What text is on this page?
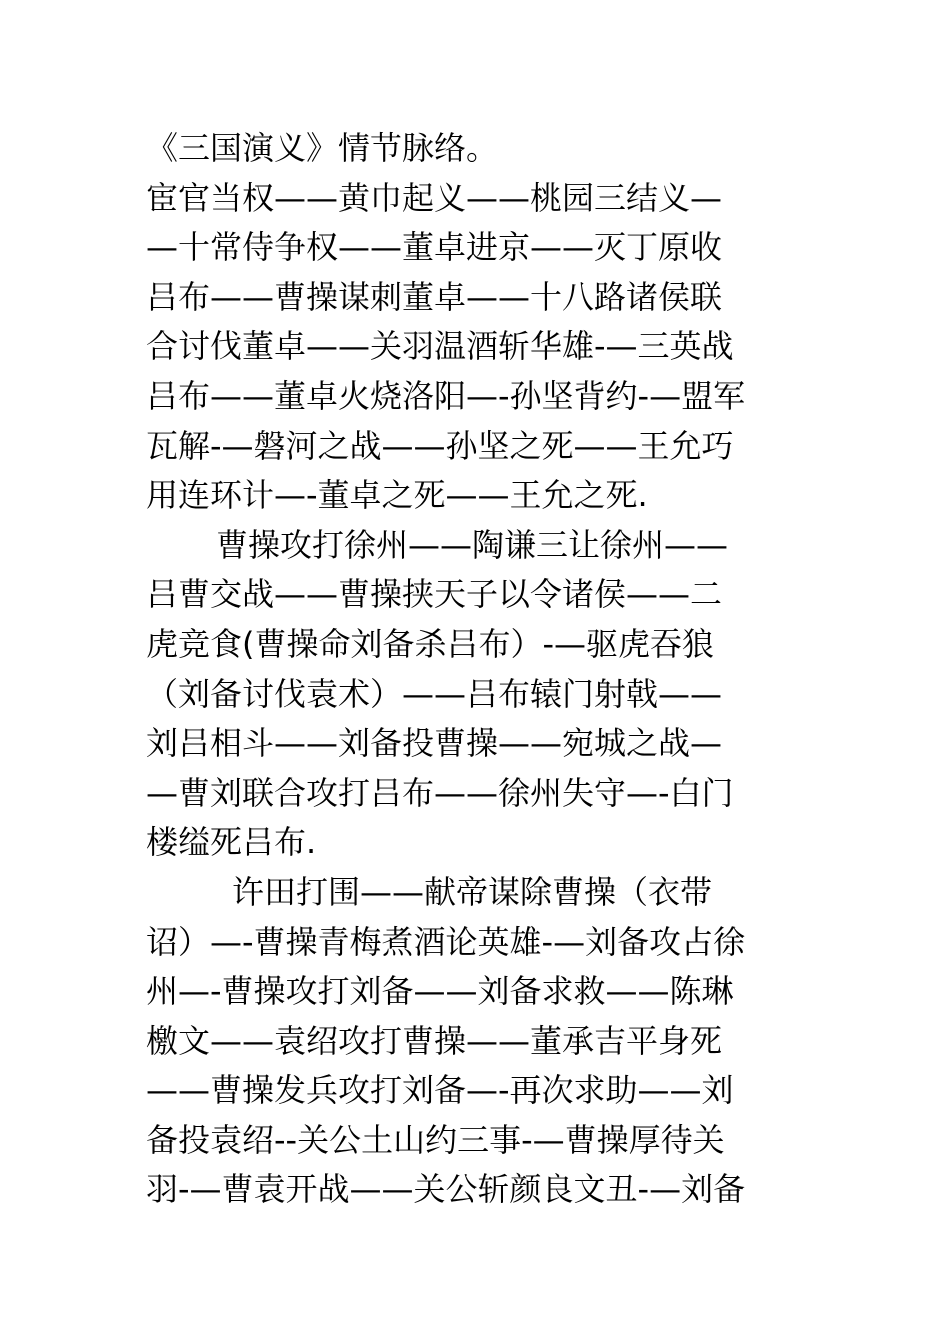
《三国演义》情节脉络。
宦官当权——黄巾起义——桃园三结义—
—十常侍争权——董卓进京——灭丁原收
吕布——曹操谋刺董卓——十八路诸侯联
合讨伐董卓——关羽温酒斩华雄-—三英战
吕布——董卓火烧洛阳—-孙坚背约-—盟军
瓦解-—磐河之战——孙坚之死——王允巧
用连环计—-董卓之死——王允之死.
曹操攻打徐州——陶谦三让徐州——
吕曹交战——曹操挟天子以令诸侯——二
虎竞食(曹操命刘备杀吕布）-—驱虎吞狼
（刘备讨伐袁术）——吕布辕门射戟——
刘吕相斗——刘备投曹操——宛城之战—
—曹刘联合攻打吕布——徐州失守—-白门
楼缢死吕布.
许田打围——献帝谋除曹操（衣带
诏）—-曹操青梅煮酒论英雄-—刘备攻占徐
州—-曹操攻打刘备——刘备求救——陈琳
檄文——袁绍攻打曹操——董承吉平身死
——曹操发兵攻打刘备—-再次求助——刘
备投袁绍--关公土山约三事-—曹操厚待关
羽-—曹袁开战——关公斩颜良文丑-—刘备
